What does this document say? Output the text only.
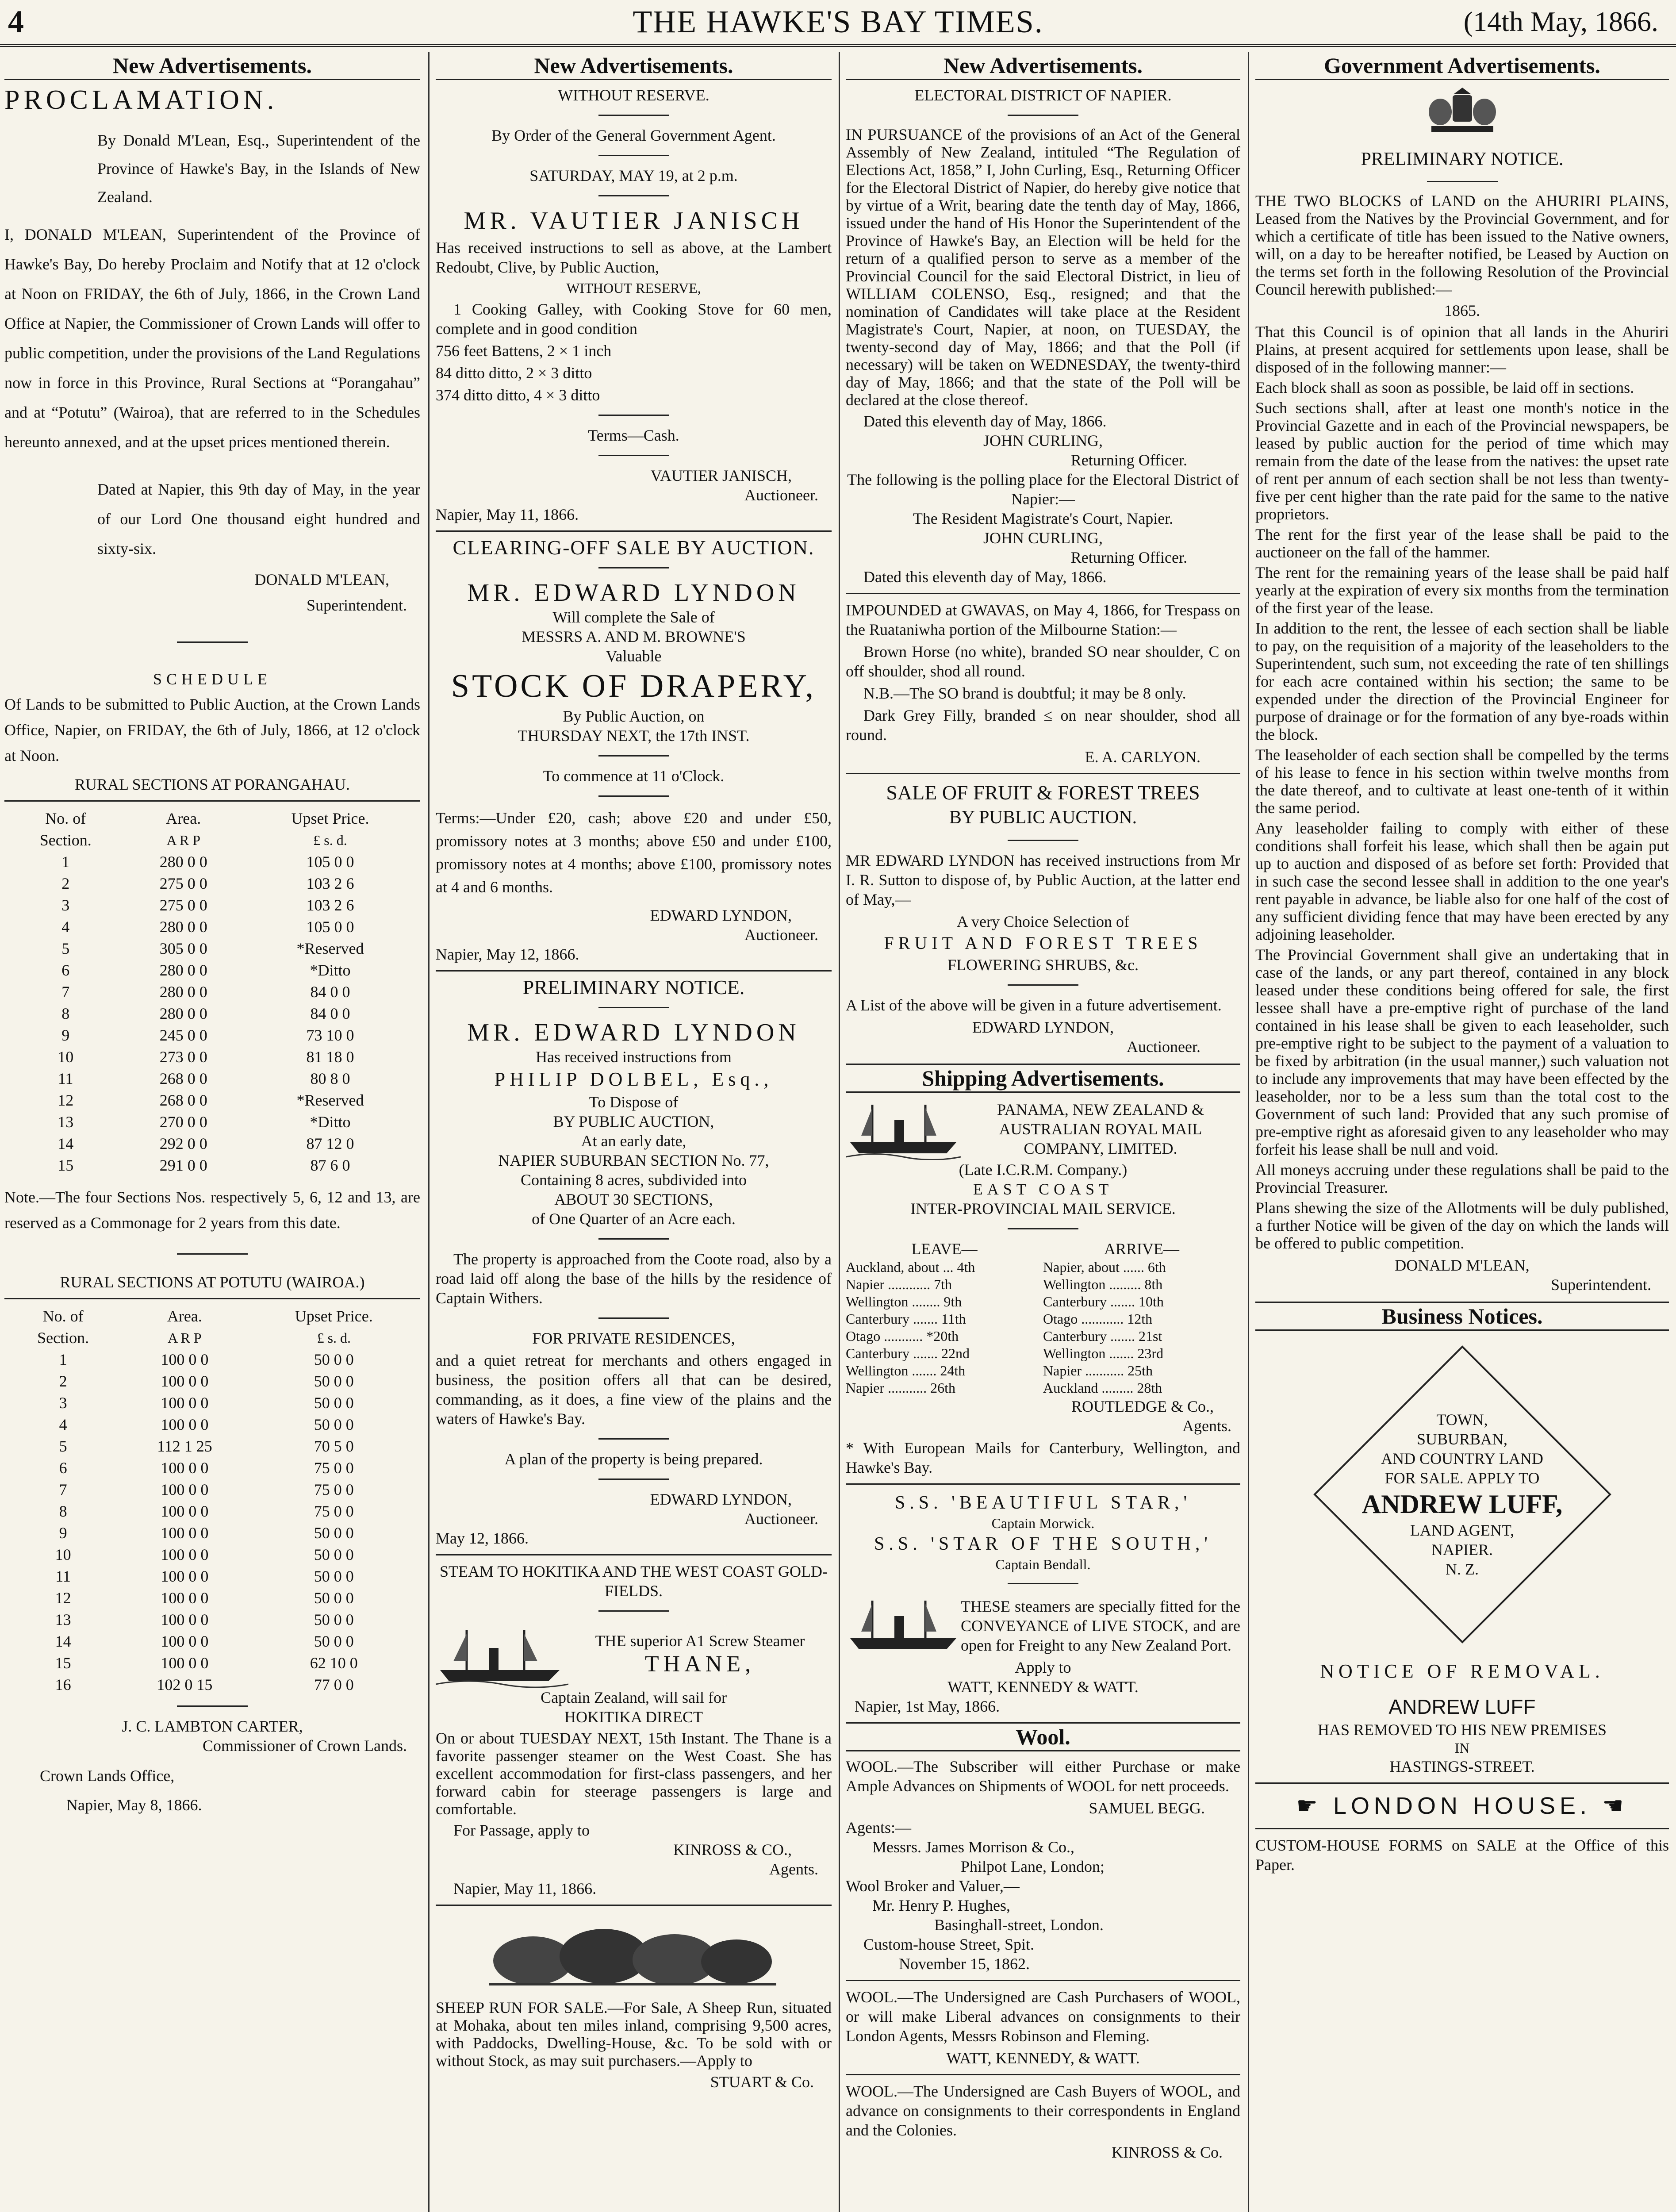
4	THE HAWKE'S BAY TIMES.	(14th May, 1866.
New Advertisements.
PROCLAMATION.
By Donald M'Lean, Esq., Superintendent of the Province of Hawke's Bay, in the Islands of New Zealand.
I, DONALD M'LEAN, Superintendent of the Province of Hawke's Bay, Do hereby Proclaim and Notify that at 12 o'clock at Noon on FRIDAY, the 6th of July, 1866, in the Crown Land Office at Napier, the Commissioner of Crown Lands will offer to public competition, under the provisions of the Land Regulations now in force in this Province, Rural Sections at “Porangahau” and at “Potutu” (Wairoa), that are referred to in the Schedules hereunto annexed, and at the upset prices mentioned therein.
Dated at Napier, this 9th day of May, in the year of our Lord One thousand eight hundred and sixty-six.
DONALD M'LEAN,
Superintendent.
SCHEDULE
Of Lands to be submitted to Public Auction, at the Crown Lands Office, Napier, on FRIDAY, the 6th of July, 1866, at 12 o'clock at Noon.
RURAL SECTIONS AT PORANGAHAU.
No. of	Area.	Upset Price.
Section.	A R P	£ s. d.
1	280 0 0	105 0 0
2	275 0 0	103 2 6
3	275 0 0	103 2 6
4	280 0 0	105 0 0
5	305 0 0	*Reserved
6	280 0 0	*Ditto
7	280 0 0	84 0 0
8	280 0 0	84 0 0
9	245 0 0	73 10 0
10	273 0 0	81 18 0
11	268 0 0	80 8 0
12	268 0 0	*Reserved
13	270 0 0	*Ditto
14	292 0 0	87 12 0
15	291 0 0	87 6 0
Note.—The four Sections Nos. respectively 5, 6, 12 and 13, are reserved as a Commonage for 2 years from this date.
RURAL SECTIONS AT POTUTU (WAIROA.)
No. of	Area.	Upset Price.
Section.	A R P	£ s. d.
1	100 0 0	50 0 0
2	100 0 0	50 0 0
3	100 0 0	50 0 0
4	100 0 0	50 0 0
5	112 1 25	70 5 0
6	100 0 0	75 0 0
7	100 0 0	75 0 0
8	100 0 0	75 0 0
9	100 0 0	50 0 0
10	100 0 0	50 0 0
11	100 0 0	50 0 0
12	100 0 0	50 0 0
13	100 0 0	50 0 0
14	100 0 0	50 0 0
15	100 0 0	62 10 0
16	102 0 15	77 0 0
J. C. LAMBTON CARTER,
Commissioner of Crown Lands.
Crown Lands Office,
Napier, May 8, 1866.
New Advertisements.
WITHOUT RESERVE.
By Order of the General Government Agent.
SATURDAY, MAY 19, at 2 p.m.
MR. VAUTIER JANISCH
Has received instructions to sell as above, at the Lambert Redoubt, Clive, by Public Auction,
WITHOUT RESERVE,
1 Cooking Galley, with Cooking Stove for 60 men, complete and in good condition
756 feet Battens, 2 × 1 inch
84 ditto ditto, 2 × 3 ditto
374 ditto ditto, 4 × 3 ditto
Terms—Cash.
VAUTIER JANISCH,
Auctioneer.
Napier, May 11, 1866.
CLEARING-OFF SALE BY AUCTION.
MR. EDWARD LYNDON
Will complete the Sale of
MESSRS A. AND M. BROWNE'S
Valuable
STOCK OF DRAPERY,
By Public Auction, on
THURSDAY NEXT, the 17th INST.
To commence at 11 o'Clock.
Terms:—Under £20, cash; above £20 and under £50, promissory notes at 3 months; above £50 and under £100, promissory notes at 4 months; above £100, promissory notes at 4 and 6 months.
EDWARD LYNDON,
Auctioneer.
Napier, May 12, 1866.
PRELIMINARY NOTICE.
MR. EDWARD LYNDON
Has received instructions from
PHILIP DOLBEL, Esq.,
To Dispose of
BY PUBLIC AUCTION,
At an early date,
NAPIER SUBURBAN SECTION No. 77,
Containing 8 acres, subdivided into
ABOUT 30 SECTIONS,
of One Quarter of an Acre each.
The property is approached from the Coote road, also by a road laid off along the base of the hills by the residence of Captain Withers.
FOR PRIVATE RESIDENCES,
and a quiet retreat for merchants and others engaged in business, the position offers all that can be desired, commanding, as it does, a fine view of the plains and the waters of Hawke's Bay.
A plan of the property is being prepared.
EDWARD LYNDON,
Auctioneer.
May 12, 1866.
STEAM TO HOKITIKA AND THE WEST COAST GOLD-FIELDS.
THE superior A1 Screw Steamer
THANE,
Captain Zealand, will sail for
HOKITIKA DIRECT
On or about TUESDAY NEXT, 15th Instant. The Thane is a favorite passenger steamer on the West Coast. She has excellent accommodation for first-class passengers, and her forward cabin for steerage passengers is large and comfortable.
For Passage, apply to
KINROSS & CO.,
Agents.
Napier, May 11, 1866.
SHEEP RUN FOR SALE.—For Sale, A Sheep Run, situated at Mohaka, about ten miles inland, comprising 9,500 acres, with Paddocks, Dwelling-House, &c. To be sold with or without Stock, as may suit purchasers.—Apply to
STUART & Co.
New Advertisements.
ELECTORAL DISTRICT OF NAPIER.
IN PURSUANCE of the provisions of an Act of the General Assembly of New Zealand, intituled “The Regulation of Elections Act, 1858,” I, John Curling, Esq., Returning Officer for the Electoral District of Napier, do hereby give notice that by virtue of a Writ, bearing date the tenth day of May, 1866, issued under the hand of His Honor the Superintendent of the Province of Hawke's Bay, an Election will be held for the return of a qualified person to serve as a member of the Provincial Council for the said Electoral District, in lieu of WILLIAM COLENSO, Esq., resigned; and that the nomination of Candidates will take place at the Resident Magistrate's Court, Napier, at noon, on TUESDAY, the twenty-second day of May, 1866; and that the Poll (if necessary) will be taken on WEDNESDAY, the twenty-third day of May, 1866; and that the state of the Poll will be declared at the close thereof.
Dated this eleventh day of May, 1866.
JOHN CURLING,
Returning Officer.
The following is the polling place for the Electoral District of Napier:—
The Resident Magistrate's Court, Napier.
JOHN CURLING,
Returning Officer.
Dated this eleventh day of May, 1866.
IMPOUNDED at GWAVAS, on May 4, 1866, for Trespass on the Ruataniwha portion of the Milbourne Station:—
Brown Horse (no white), branded SO near shoulder, C on off shoulder, shod all round.
N.B.—The SO brand is doubtful; it may be 8 only.
Dark Grey Filly, branded ≤ on near shoulder, shod all round.
E. A. CARLYON.
SALE OF FRUIT & FOREST TREES
BY PUBLIC AUCTION.
MR EDWARD LYNDON has received instructions from Mr I. R. Sutton to dispose of, by Public Auction, at the latter end of May,—
A very Choice Selection of
FRUIT AND FOREST TREES
FLOWERING SHRUBS, &c.
A List of the above will be given in a future advertisement.
EDWARD LYNDON,
Auctioneer.
Shipping Advertisements.
PANAMA, NEW ZEALAND & AUSTRALIAN ROYAL MAIL COMPANY, LIMITED.
(Late I.C.R.M. Company.)
EAST COAST
INTER-PROVINCIAL MAIL SERVICE.
LEAVE—	ARRIVE—
Auckland, about ... 4th	Napier, about ...... 6th
Napier ............ 7th	Wellington ......... 8th
Wellington ........ 9th	Canterbury ....... 10th
Canterbury ....... 11th	Otago ............ 12th
Otago ........... *20th	Canterbury ....... 21st
Canterbury ....... 22nd	Wellington ....... 23rd
Wellington ....... 24th	Napier ........... 25th
Napier ........... 26th	Auckland ......... 28th
ROUTLEDGE & Co.,
Agents.
* With European Mails for Canterbury, Wellington, and Hawke's Bay.
S.S. 'BEAUTIFUL STAR,'
Captain Morwick.
S.S. 'STAR OF THE SOUTH,'
Captain Bendall.
THESE steamers are specially fitted for the CONVEYANCE of LIVE STOCK, and are open for Freight to any New Zealand Port.
Apply to
WATT, KENNEDY & WATT.
Napier, 1st May, 1866.
Wool.
WOOL.—The Subscriber will either Purchase or make Ample Advances on Shipments of WOOL for nett proceeds.
SAMUEL BEGG.
Agents:—
Messrs. James Morrison & Co.,
Philpot Lane, London;
Wool Broker and Valuer,—
Mr. Henry P. Hughes,
Basinghall-street, London.
Custom-house Street, Spit.
November 15, 1862.
WOOL.—The Undersigned are Cash Purchasers of WOOL, or will make Liberal advances on consignments to their London Agents, Messrs Robinson and Fleming.
WATT, KENNEDY, & WATT.
WOOL.—The Undersigned are Cash Buyers of WOOL, and advance on consignments to their correspondents in England and the Colonies.
KINROSS & Co.
Government Advertisements.
PRELIMINARY NOTICE.
THE TWO BLOCKS of LAND on the AHURIRI PLAINS, Leased from the Natives by the Provincial Government, and for which a certificate of title has been issued to the Native owners, will, on a day to be hereafter notified, be Leased by Auction on the terms set forth in the following Resolution of the Provincial Council herewith published:—
1865.
That this Council is of opinion that all lands in the Ahuriri Plains, at present acquired for settlements upon lease, shall be disposed of in the following manner:—
Each block shall as soon as possible, be laid off in sections.
Such sections shall, after at least one month's notice in the Provincial Gazette and in each of the Provincial newspapers, be leased by public auction for the period of time which may remain from the date of the lease from the natives: the upset rate of rent per annum of each section shall be not less than twenty-five per cent higher than the rate paid for the same to the native proprietors.
The rent for the first year of the lease shall be paid to the auctioneer on the fall of the hammer.
The rent for the remaining years of the lease shall be paid half yearly at the expiration of every six months from the termination of the first year of the lease.
In addition to the rent, the lessee of each section shall be liable to pay, on the requisition of a majority of the leaseholders to the Superintendent, such sum, not exceeding the rate of ten shillings for each acre contained within his section; the same to be expended under the direction of the Provincial Engineer for purpose of drainage or for the formation of any bye-roads within the block.
The leaseholder of each section shall be compelled by the terms of his lease to fence in his section within twelve months from the date thereof, and to cultivate at least one-tenth of it within the same period.
Any leaseholder failing to comply with either of these conditions shall forfeit his lease, which shall then be again put up to auction and disposed of as before set forth: Provided that in such case the second lessee shall in addition to the one year's rent payable in advance, be liable also for one half of the cost of any sufficient dividing fence that may have been erected by any adjoining leaseholder.
The Provincial Government shall give an undertaking that in case of the lands, or any part thereof, contained in any block leased under these conditions being offered for sale, the first lessee shall have a pre-emptive right of purchase of the land contained in his lease shall be given to each leaseholder, such pre-emptive right to be subject to the payment of a valuation to be fixed by arbitration (in the usual manner,) such valuation not to include any improvements that may have been effected by the leaseholder, nor to be a less sum than the total cost to the Government of such land: Provided that any such promise of pre-emptive right as aforesaid given to any leaseholder who may forfeit his lease shall be null and void.
All moneys accruing under these regulations shall be paid to the Provincial Treasurer.
Plans shewing the size of the Allotments will be duly published, a further Notice will be given of the day on which the lands will be offered to public competition.
DONALD M'LEAN,
Superintendent.
Business Notices.
TOWN,
SUBURBAN,
AND COUNTRY LAND
FOR SALE. APPLY TO
ANDREW LUFF,
LAND AGENT,
NAPIER.
N. Z.
NOTICE OF REMOVAL.
ANDREW LUFF
HAS REMOVED TO HIS NEW PREMISES
IN
HASTINGS-STREET.
☛ LONDON HOUSE. ☚
CUSTOM-HOUSE FORMS on SALE at the Office of this Paper.
